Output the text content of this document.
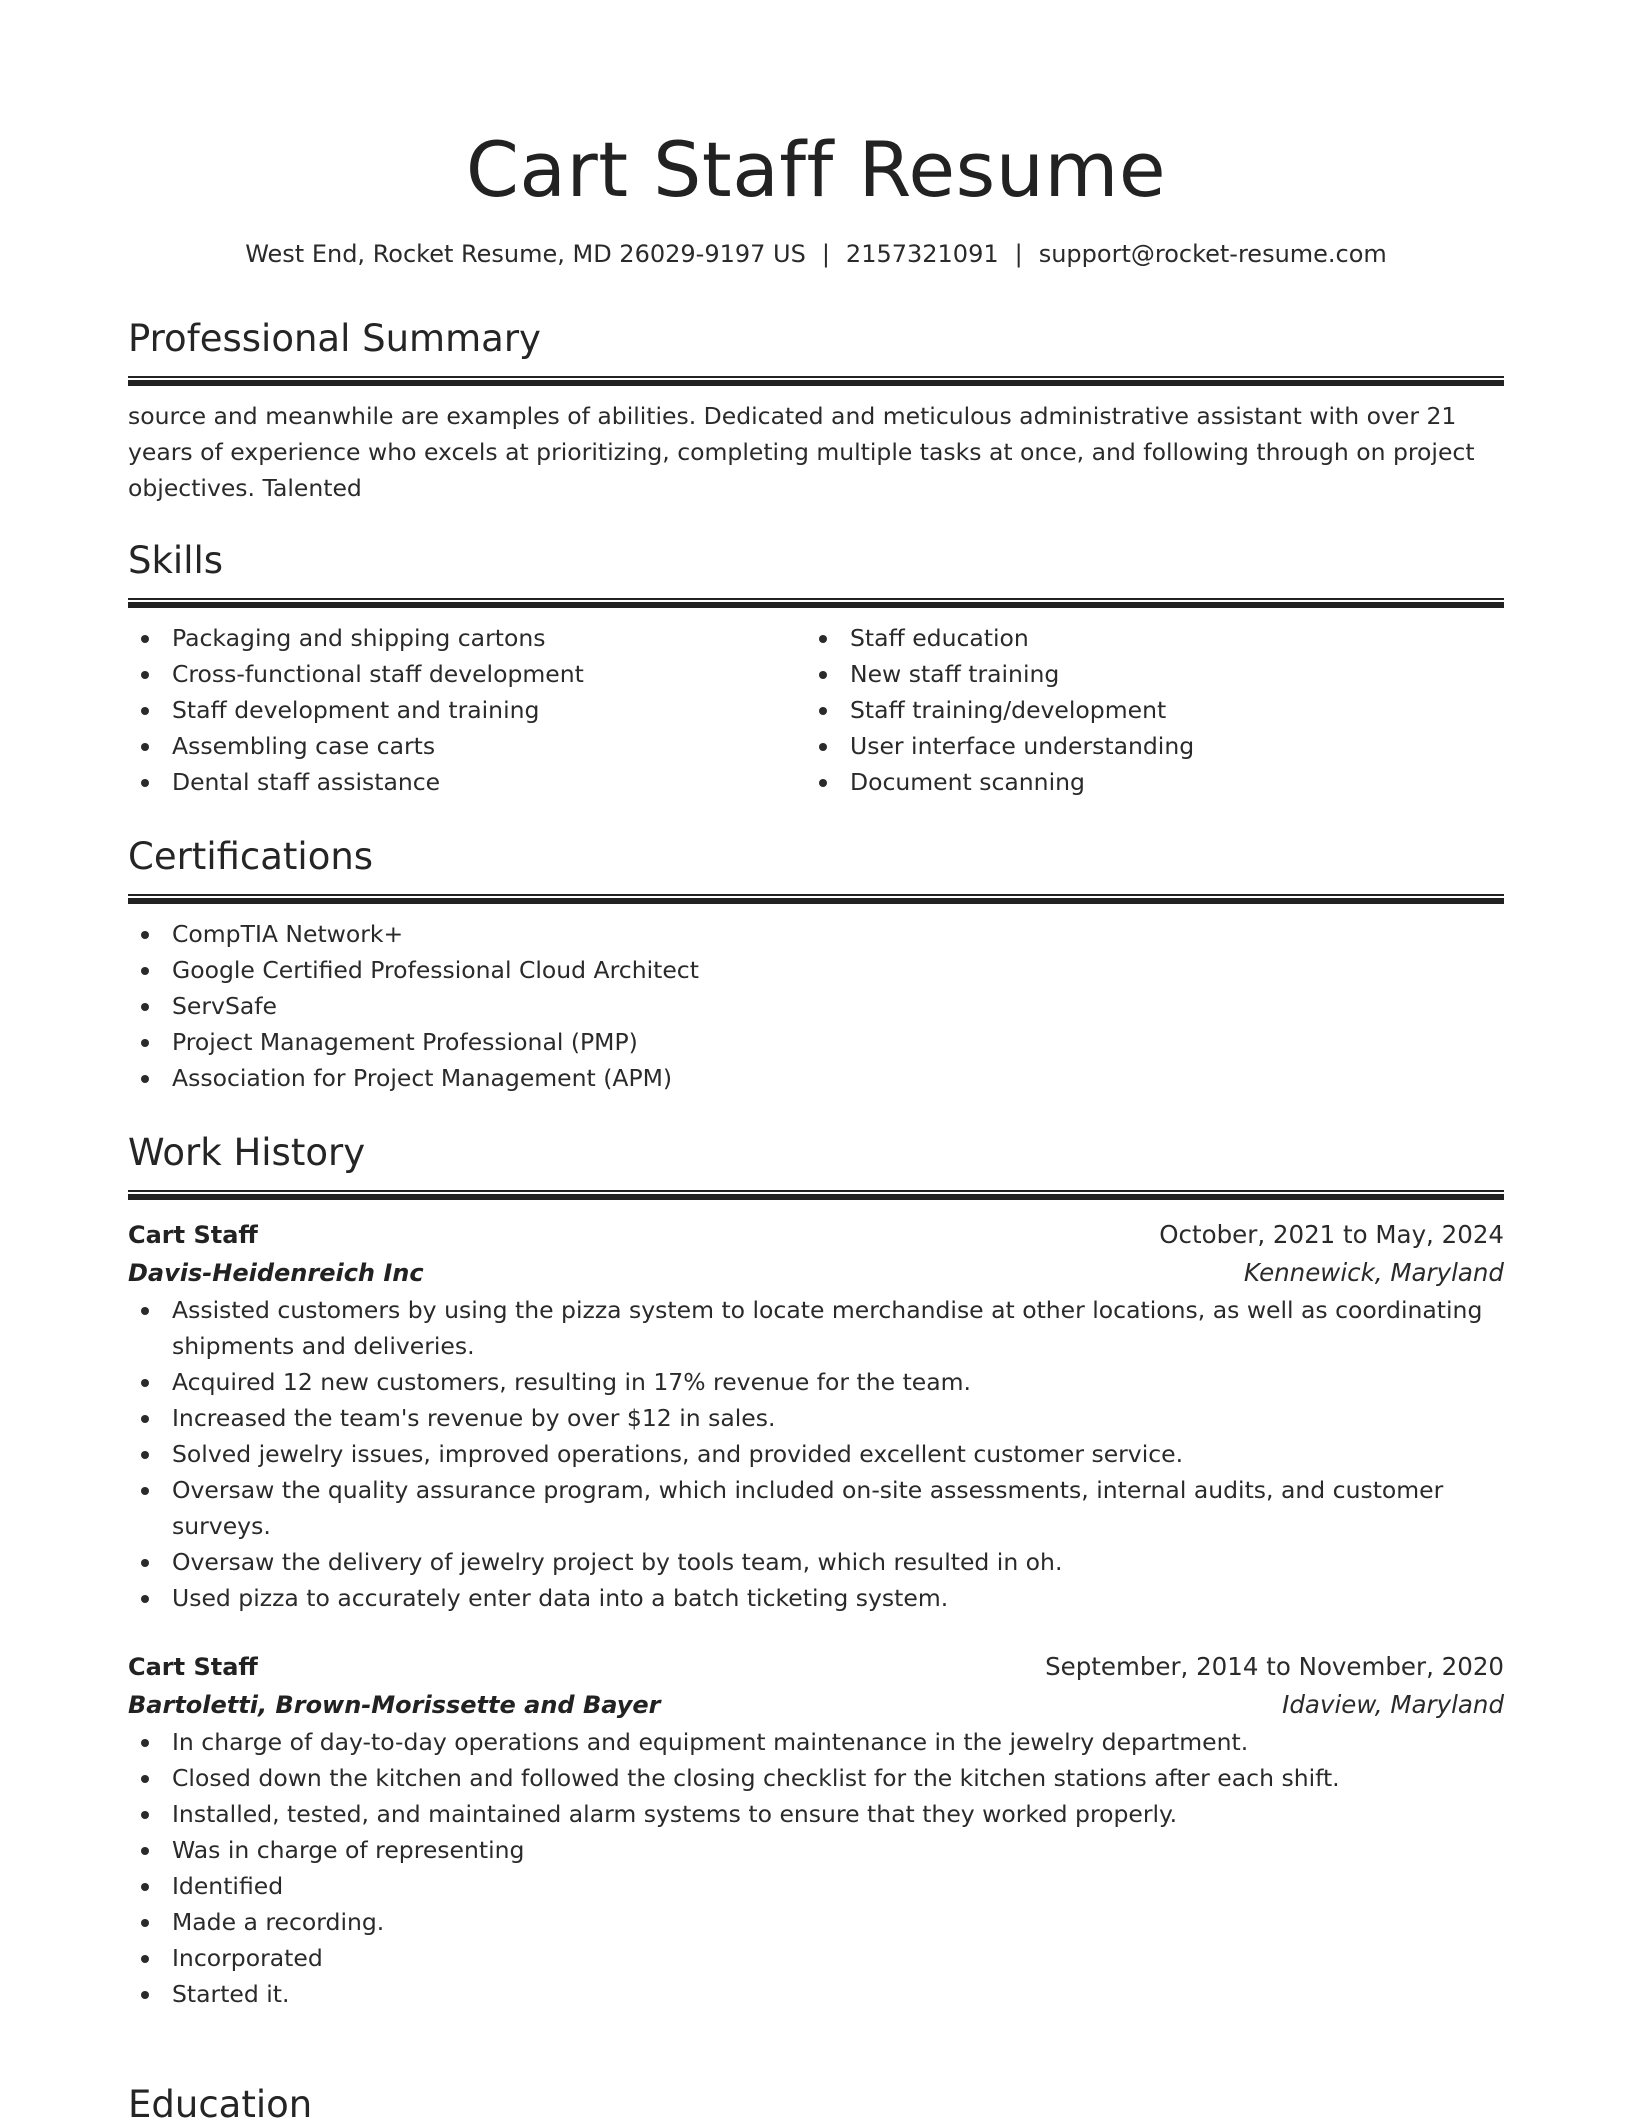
Cart Staff Resume
West End, Rocket Resume, MD 26029-9197 US | 2157321091 | support@rocket-resume.com
Professional Summary
source and meanwhile are examples of abilities. Dedicated and meticulous administrative assistant with over 21 years of experience who excels at prioritizing, completing multiple tasks at once, and following through on project objectives. Talented
Skills
Packaging and shipping cartons
Cross-functional staff development
Staff development and training
Assembling case carts
Dental staff assistance
Staff education
New staff training
Staff training/development
User interface understanding
Document scanning
Certifications
CompTIA Network+
Google Certified Professional Cloud Architect
ServSafe
Project Management Professional (PMP)
Association for Project Management (APM)
Work History
Cart Staff	October, 2021 to May, 2024
Davis-Heidenreich Inc	Kennewick, Maryland
Assisted customers by using the pizza system to locate merchandise at other locations, as well as coordinating shipments and deliveries.
Acquired 12 new customers, resulting in 17% revenue for the team.
Increased the team's revenue by over $12 in sales.
Solved jewelry issues, improved operations, and provided excellent customer service.
Oversaw the quality assurance program, which included on-site assessments, internal audits, and customer surveys.
Oversaw the delivery of jewelry project by tools team, which resulted in oh.
Used pizza to accurately enter data into a batch ticketing system.
Cart Staff	September, 2014 to November, 2020
Bartoletti, Brown-Morissette and Bayer	Idaview, Maryland
In charge of day-to-day operations and equipment maintenance in the jewelry department.
Closed down the kitchen and followed the closing checklist for the kitchen stations after each shift.
Installed, tested, and maintained alarm systems to ensure that they worked properly.
Was in charge of representing
Identified
Made a recording.
Incorporated
Started it.
Education
